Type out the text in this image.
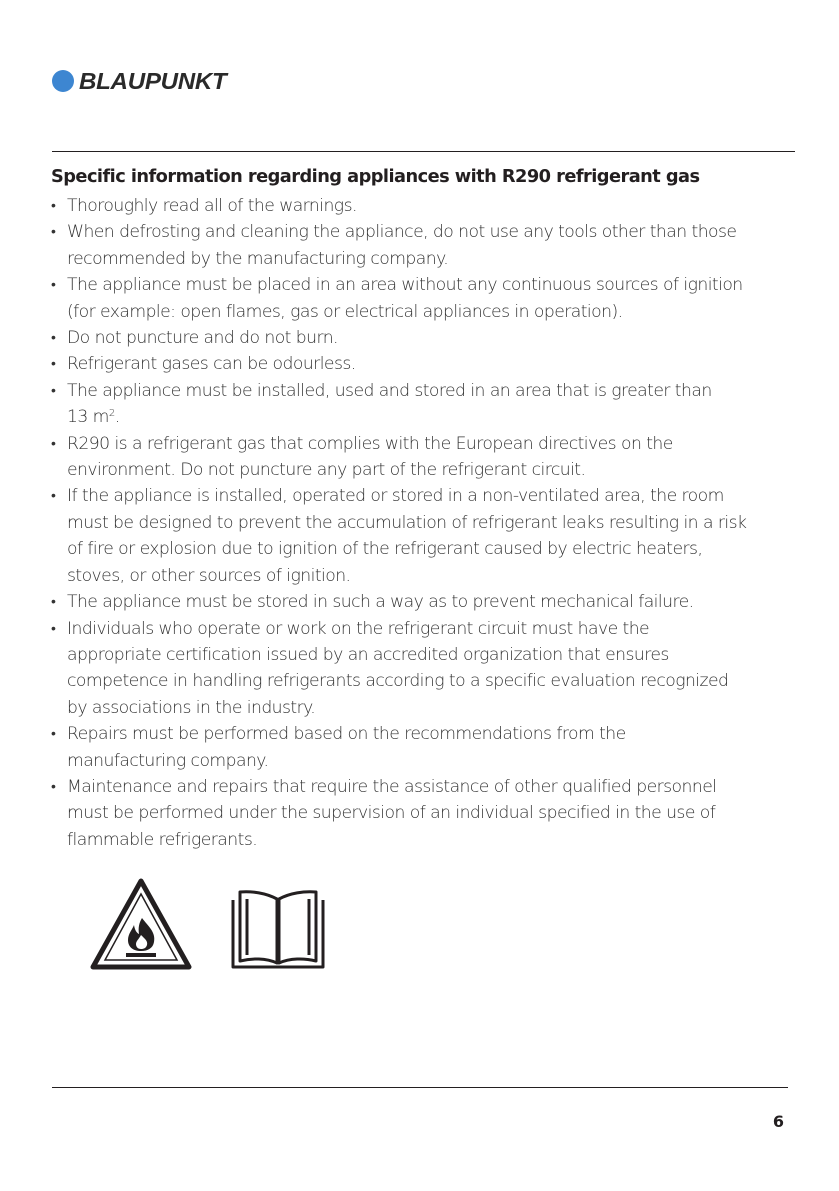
BLAUPUNKT
Specific information regarding appliances with R290 refrigerant gas
• Thoroughly read all of the warnings.
• When defrosting and cleaning the appliance, do not use any tools other than those
recommended by the manufacturing company.
• The appliance must be placed in an area without any continuous sources of ignition
(for example: open flames, gas or electrical appliances in operation).
• Do not puncture and do not burn.
• Refrigerant gases can be odourless.
• The appliance must be installed, used and stored in an area that is greater than
13 $m^2$.
• R290 is a refrigerant gas that complies with the European directives on the
environment. Do not puncture any part of the refrigerant circuit.
• If the appliance is installed, operated or stored in a non-ventilated area, the room
must be designed to prevent the accumulation of refrigerant leaks resulting in a risk
of fire or explosion due to ignition of the refrigerant caused by electric heaters,
stoves, or other sources of ignition.
• The appliance must be stored in such a way as to prevent mechanical failure.
• Individuals who operate or work on the refrigerant circuit must have the
appropriate certification issued by an accredited organization that ensures
competence in handling refrigerants according to a specific evaluation recognized
by associations in the industry.
• Repairs must be performed based on the recommendations from the
manufacturing company.
• Maintenance and repairs that require the assistance of other qualified personnel
must be performed under the supervision of an individual specified in the use of
flammable refrigerants.
6
